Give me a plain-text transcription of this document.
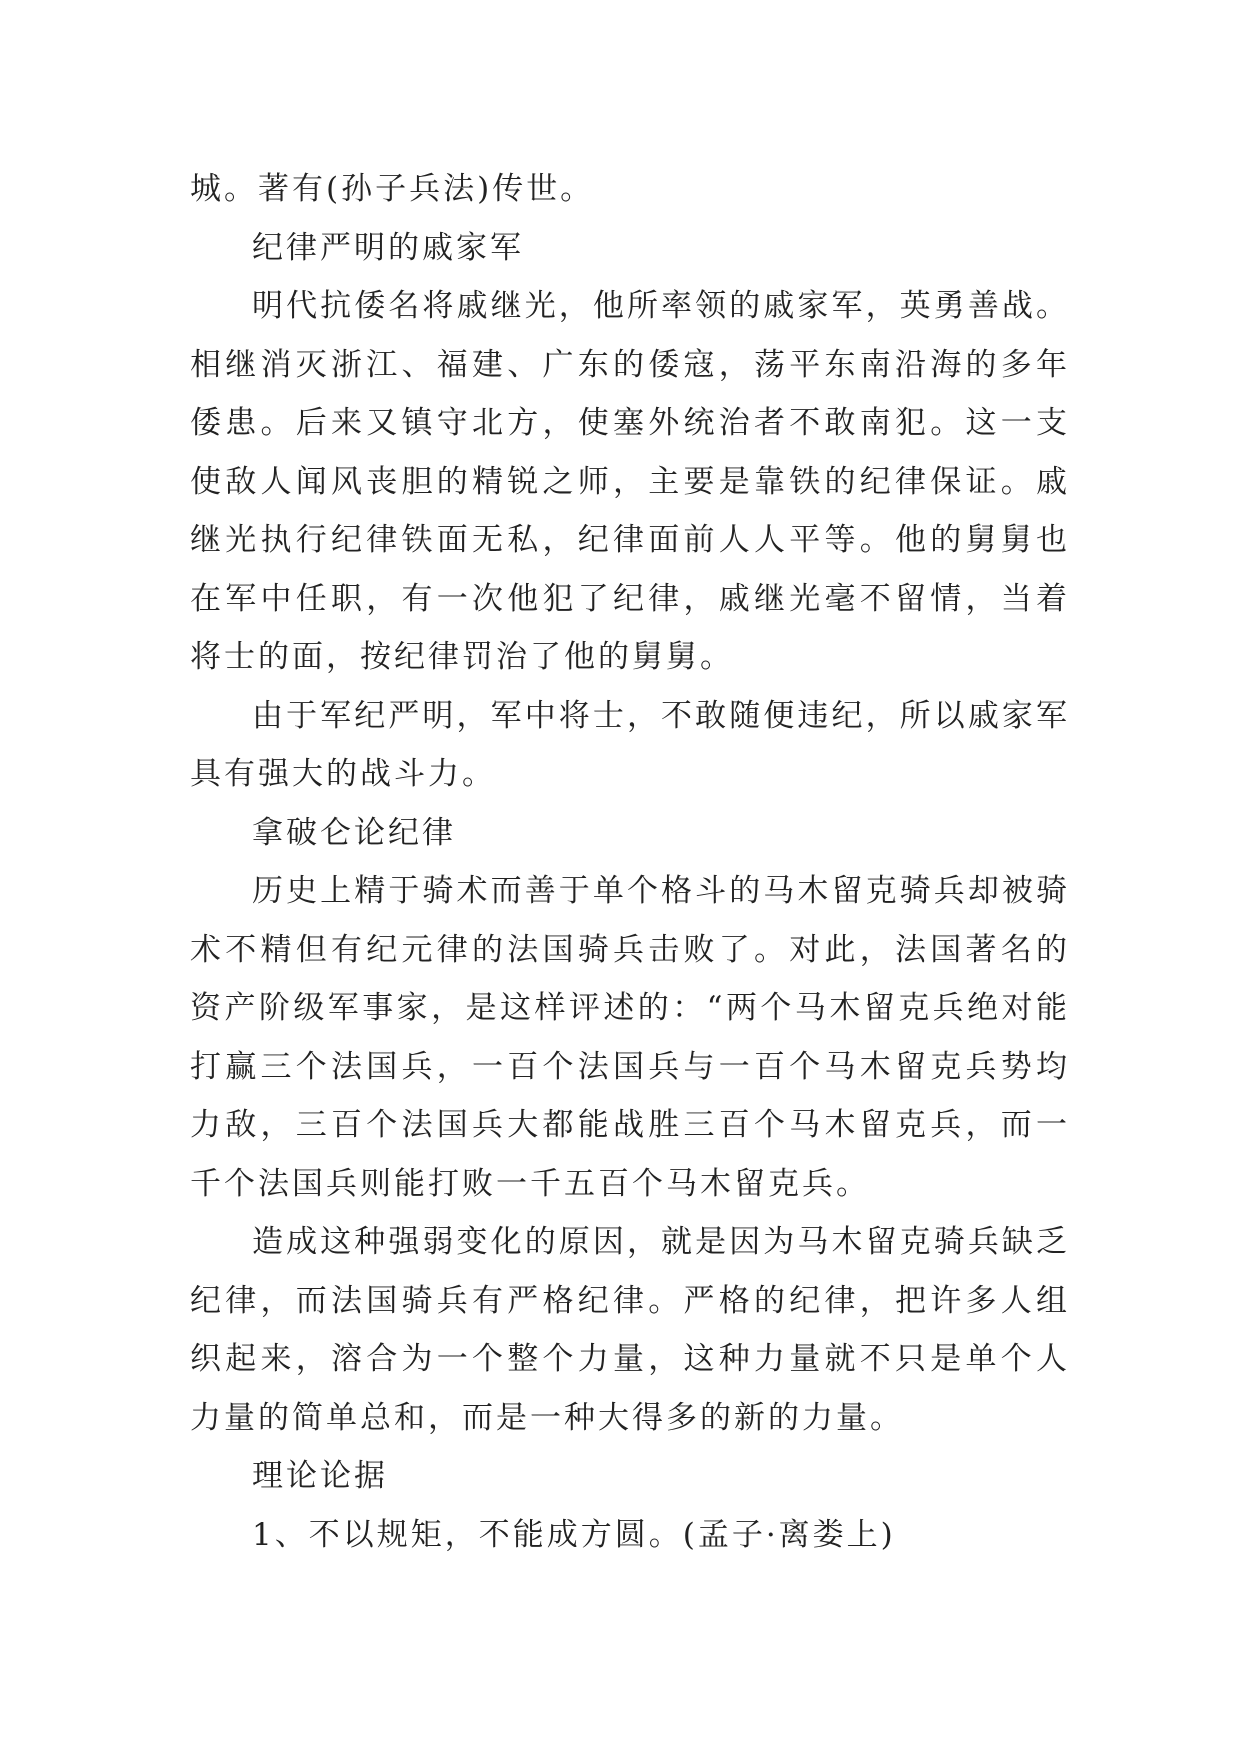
城。著有(孙子兵法)传世。

纪律严明的戚家军

明代抗倭名将戚继光，他所率领的戚家军，英勇善战。相继消灭浙江、福建、广东的倭寇，荡平东南沿海的多年倭患。后来又镇守北方，使塞外统治者不敢南犯。这一支使敌人闻风丧胆的精锐之师，主要是靠铁的纪律保证。戚继光执行纪律铁面无私，纪律面前人人平等。他的舅舅也在军中任职，有一次他犯了纪律，戚继光毫不留情，当着将士的面，按纪律罚治了他的舅舅。

由于军纪严明，军中将士，不敢随便违纪，所以戚家军具有强大的战斗力。

拿破仑论纪律

历史上精于骑术而善于单个格斗的马木留克骑兵却被骑术不精但有纪元律的法国骑兵击败了。对此，法国著名的资产阶级军事家，是这样评述的：“两个马木留克兵绝对能打赢三个法国兵，一百个法国兵与一百个马木留克兵势均力敌，三百个法国兵大都能战胜三百个马木留克兵，而一千个法国兵则能打败一千五百个马木留克兵。

造成这种强弱变化的原因，就是因为马木留克骑兵缺乏纪律，而法国骑兵有严格纪律。严格的纪律，把许多人组织起来，溶合为一个整个力量，这种力量就不只是单个人力量的简单总和，而是一种大得多的新的力量。

理论论据

1、不以规矩，不能成方圆。(孟子·离娄上)
